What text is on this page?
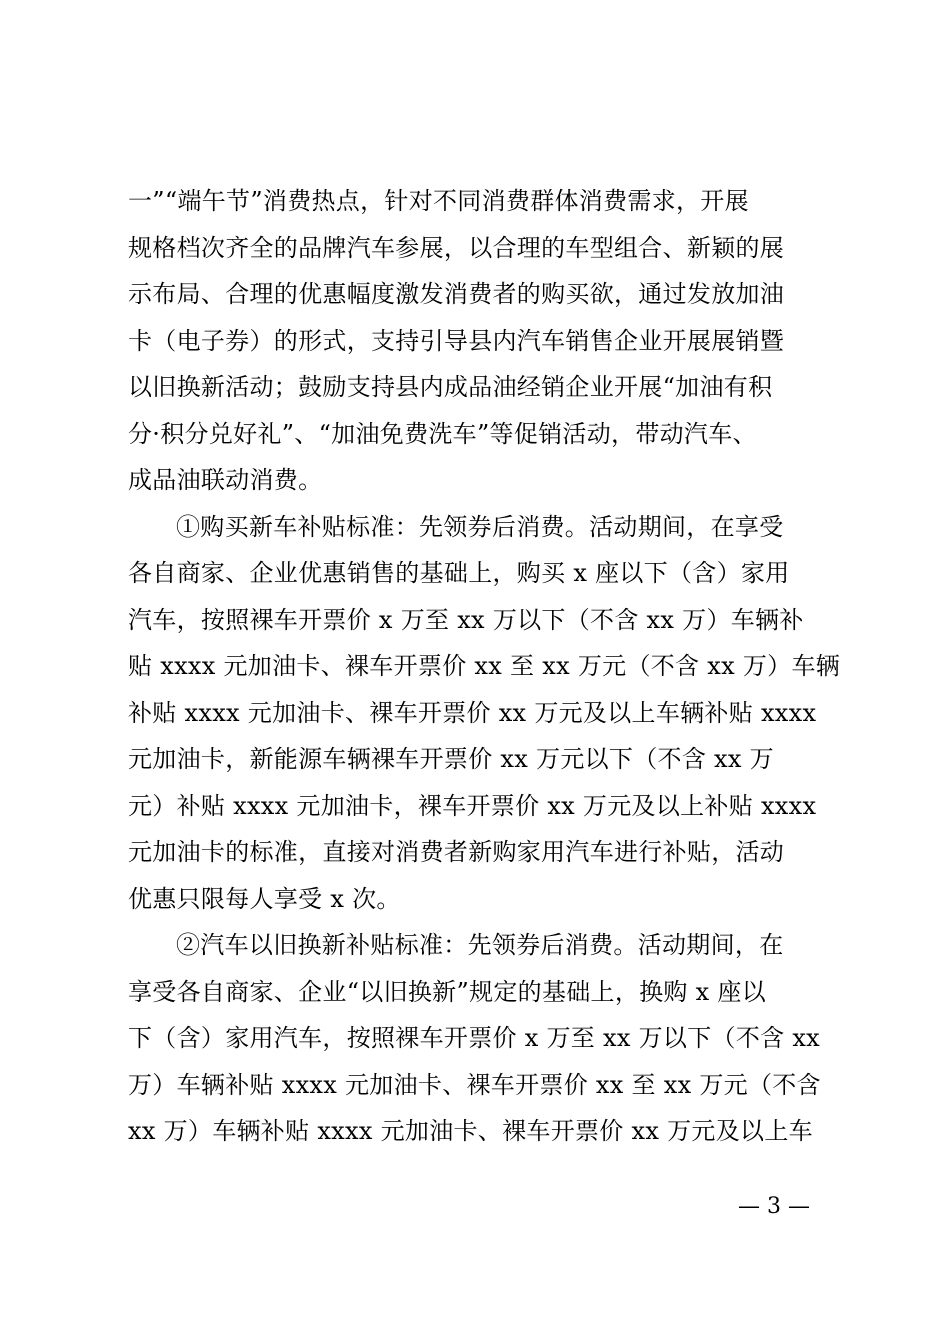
一”“端午节”消费热点，针对不同消费群体消费需求，开展
规格档次齐全的品牌汽车参展，以合理的车型组合、新颖的展
示布局、合理的优惠幅度激发消费者的购买欲，通过发放加油
卡（电子券）的形式，支持引导县内汽车销售企业开展展销暨
以旧换新活动；鼓励支持县内成品油经销企业开展“加油有积
分·积分兑好礼”、“加油免费洗车”等促销活动，带动汽车、
成品油联动消费。
①购买新车补贴标准：先领券后消费。活动期间，在享受
各自商家、企业优惠销售的基础上，购买 x 座以下（含）家用
汽车，按照裸车开票价 x 万至 xx 万以下（不含 xx 万）车辆补
贴 xxxx 元加油卡、裸车开票价 xx 至 xx 万元（不含 xx 万）车辆
补贴 xxxx 元加油卡、裸车开票价 xx 万元及以上车辆补贴 xxxx
元加油卡，新能源车辆裸车开票价 xx 万元以下（不含 xx 万
元）补贴 xxxx 元加油卡，裸车开票价 xx 万元及以上补贴 xxxx
元加油卡的标准，直接对消费者新购家用汽车进行补贴，活动
优惠只限每人享受 x 次。
②汽车以旧换新补贴标准：先领券后消费。活动期间，在
享受各自商家、企业“以旧换新”规定的基础上，换购 x 座以
下（含）家用汽车，按照裸车开票价 x 万至 xx 万以下（不含 xx
万）车辆补贴 xxxx 元加油卡、裸车开票价 xx 至 xx 万元（不含
xx 万）车辆补贴 xxxx 元加油卡、裸车开票价 xx 万元及以上车
— 3 —
